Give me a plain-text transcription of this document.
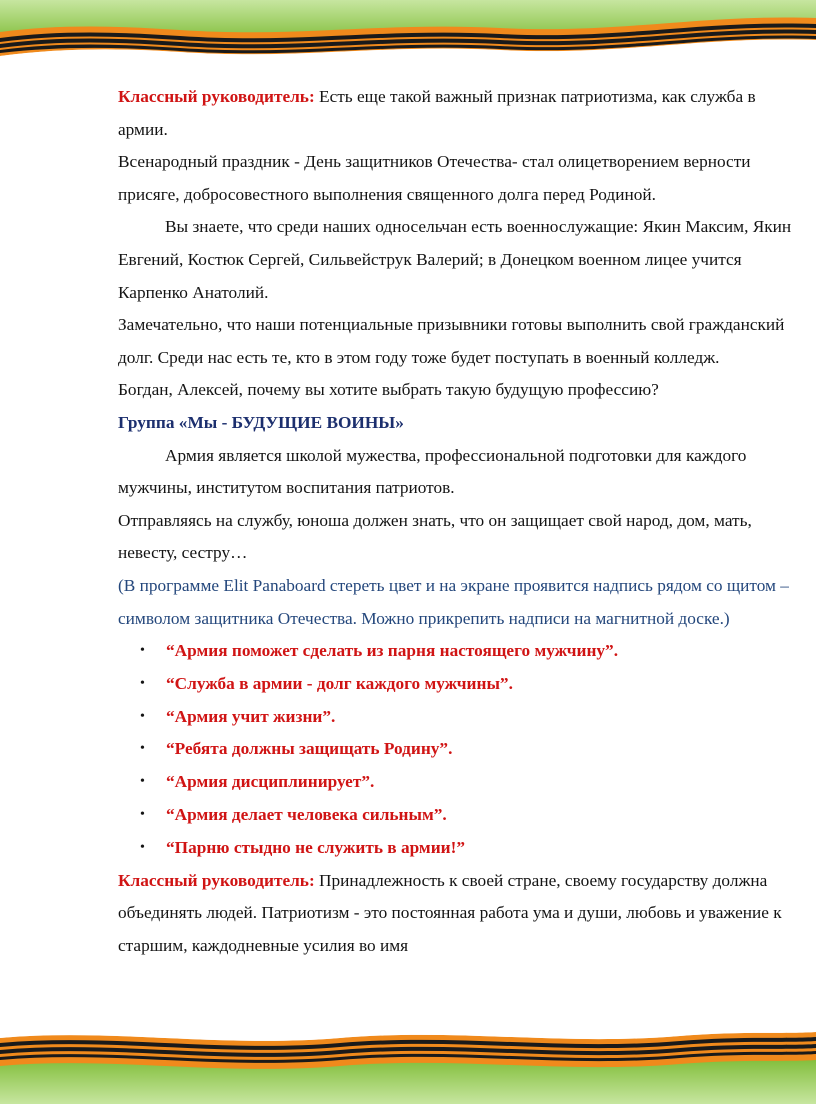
Классный руководитель: Есть еще такой важный признак патриотизма, как служба в армии.

Всенародный праздник - День защитников Отечества- стал олицетворением верности присяге, добросовестного выполнения священного долга перед Родиной.

Вы знаете, что среди наших односельчан есть военнослужащие: Якин Максим, Якин Евгений, Костюк Сергей, Сильвейструк Валерий; в Донецком военном лицее учится Карпенко Анатолий.

Замечательно, что наши потенциальные призывники готовы выполнить свой гражданский долг. Среди нас есть те, кто в этом году тоже будет поступать в военный колледж.

Богдан, Алексей, почему вы хотите выбрать такую будущую профессию?

Группа «Мы - БУДУЩИЕ ВОИНЫ»

Армия является школой мужества, профессиональной подготовки для каждого мужчины, институтом воспитания патриотов.

Отправляясь на службу, юноша должен знать, что он защищает свой народ, дом, мать, невесту, сестру…

(В программе Elit Panaboard стереть цвет и на экране проявится надпись рядом со щитом – символом защитника Отечества. Можно прикрепить надписи на магнитной доске.)

• “Армия поможет сделать из парня настоящего мужчину”.
• “Служба в армии - долг каждого мужчины”.
• “Армия учит жизни”.
• “Ребята должны защищать Родину”.
• “Армия дисциплинирует”.
• “Армия делает человека сильным”.
• “Парню стыдно не служить в армии!”

Классный руководитель: Принадлежность к своей стране, своему государству должна объединять людей. Патриотизм - это постоянная работа ума и души, любовь и уважение к старшим, каждодневные усилия во имя
